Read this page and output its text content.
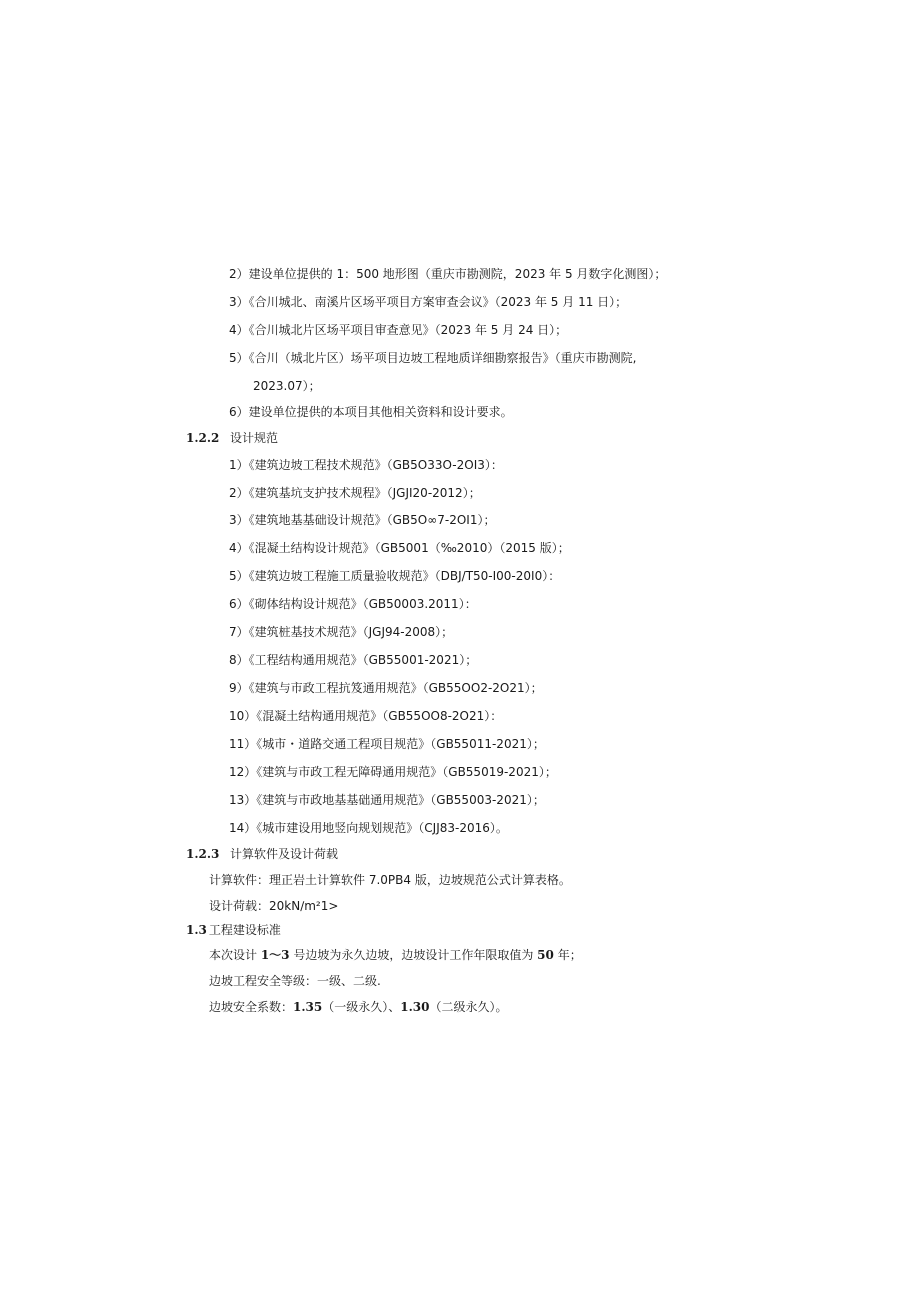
2）建设单位提供的 1：500 地形图（重庆市勘测院，2023 年 5 月数字化测图）；
3）《合川城北、南溪片区场平项目方案审查会议》（2023 年 5 月 11 日）；
4）《合川城北片区场平项目审查意见》（2023 年 5 月 24 日）；
5）《合川（城北片区）场平项目边坡工程地质详细勘察报告》（重庆市勘测院,
2023.07）；
6）建设单位提供的本项目其他相关资料和设计要求。
1.2.2 设计规范
1）《建筑边坡工程技术规范》（GB5O33O-2OI3）：
2）《建筑基坑支护技术规程》（JGJI20-2012）；
3）《建筑地基基础设计规范》（GB5O∞7-2OI1）；
4）《混凝土结构设计规范》（GB5001（‰2010）（2015 版）；
5）《建筑边坡工程施工质量验收规范》（DBJ/T50-I00-20I0）：
6）《砌体结构设计规范》（GB50003.2011）：
7）《建筑桩基技术规范》（JGJ94-2008）；
8）《工程结构通用规范》（GB55001-2021）；
9）《建筑与市政工程抗笈通用规范》（GB55OO2-2O21）；
10）《混凝土结构通用规范》（GB55OO8-2O21）：
11）《城市・道路交通工程项目规范》（GB55011-2021）；
12）《建筑与市政工程无障碍通用规范》（GB55019-2021）；
13）《建筑与市政地基基础通用规范》（GB55003-2021）；
14）《城市建设用地竖向规划规范》（CJJ83-2016）。
1.2.3 计算软件及设计荷载
计算软件：理正岩土计算软件 7.0PB4 版，边坡规范公式计算表格。
设计荷载：20kN∕m²1>
1.3 工程建设标准
本次设计 1～3 号边坡为永久边坡，边坡设计工作年限取值为 50 年；
边坡工程安全等级：一级、二级.
边坡安全系数：1.35（一级永久）、1.30（二级永久）。
